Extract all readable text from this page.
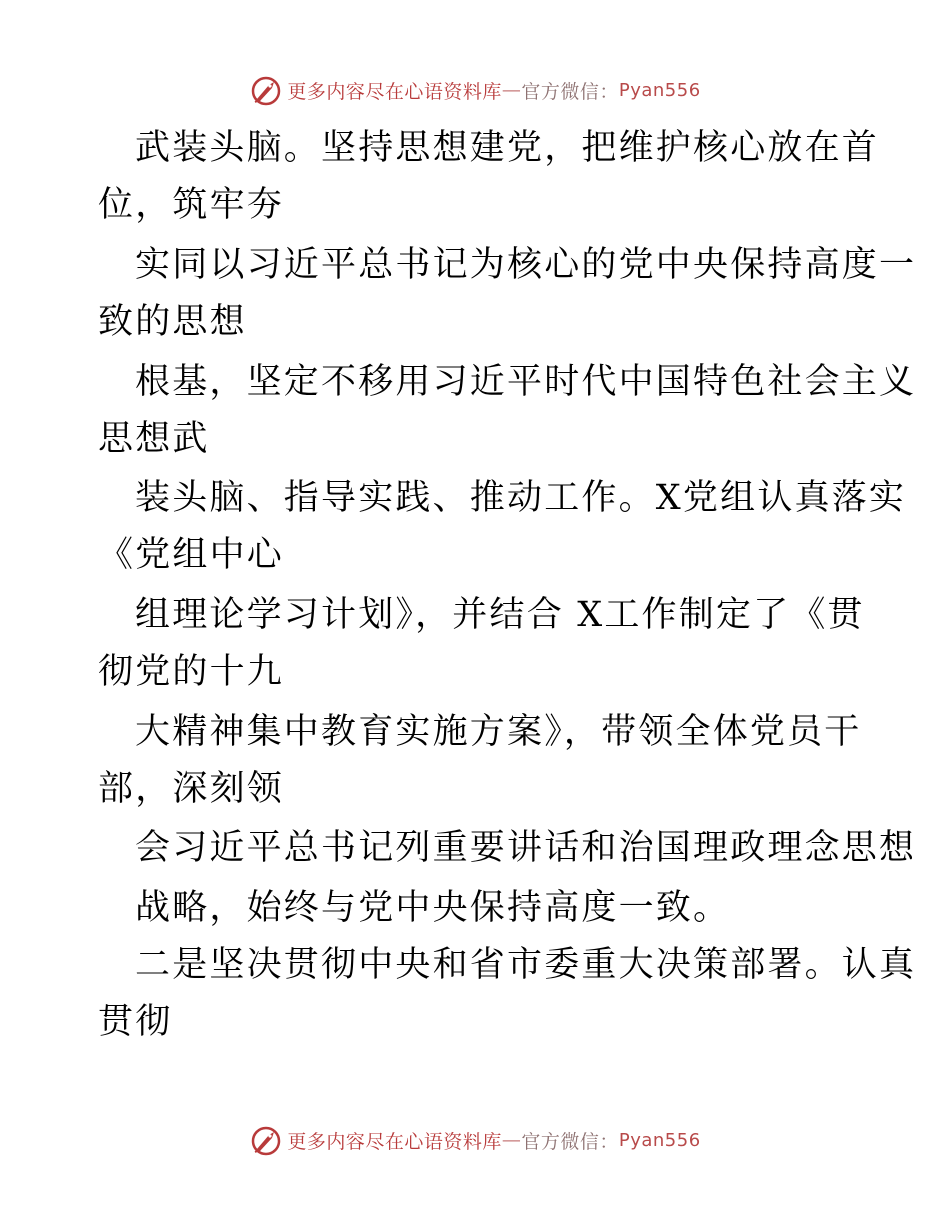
更多内容尽在心语资料库 — 官方微信： Pyan556
武装头脑。坚持思想建党，把维护核心放在首
位，筑牢夯
实同以习近平总书记为核心的党中央保持高度一
致的思想
根基，坚定不移用习近平时代中国特色社会主义
思想武
装头脑、指导实践、推动工作。X党组认真落实
《党组中心
组理论学习计划》，并结合 X工作制定了《贯
彻党的十九
大精神集中教育实施方案》，带领全体党员干
部，深刻领
会习近平总书记列重要讲话和治国理政理念思想
战略，始终与党中央保持高度一致。
二是坚决贯彻中央和省市委重大决策部署。认真
贯彻
更多内容尽在心语资料库 — 官方微信： Pyan556
